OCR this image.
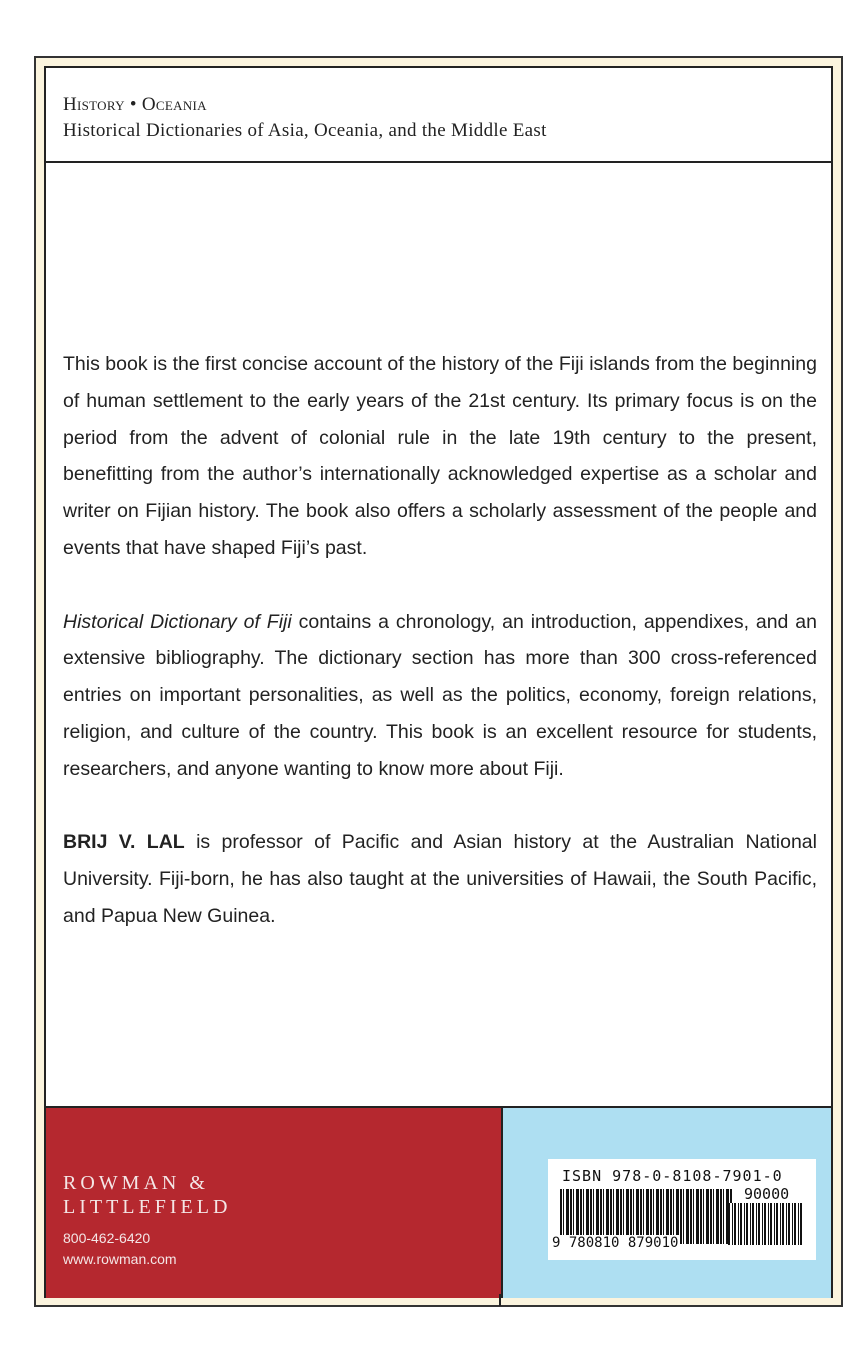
History • Oceania
Historical Dictionaries of Asia, Oceania, and the Middle East

This book is the first concise account of the history of the Fiji islands from the beginning of human settlement to the early years of the 21st century. Its primary focus is on the period from the advent of colonial rule in the late 19th century to the present, benefitting from the author’s internationally acknowledged expertise as a scholar and writer on Fijian history. The book also offers a scholarly assessment of the people and events that have shaped Fiji’s past.

Historical Dictionary of Fiji contains a chronology, an introduction, appendixes, and an extensive bibliography. The dictionary section has more than 300 cross-referenced entries on important personalities, as well as the politics, economy, foreign relations, religion, and culture of the country. This book is an excellent resource for students, researchers, and anyone wanting to know more about Fiji.

BRIJ V. LAL is professor of Pacific and Asian history at the Australian National University. Fiji-born, he has also taught at the universities of Hawaii, the South Pacific, and Papua New Guinea.

ROWMAN &
LITTLEFIELD
800-462-6420
www.rowman.com
ISBN 978-0-8108-7901-0
90000
9 780810 879010
